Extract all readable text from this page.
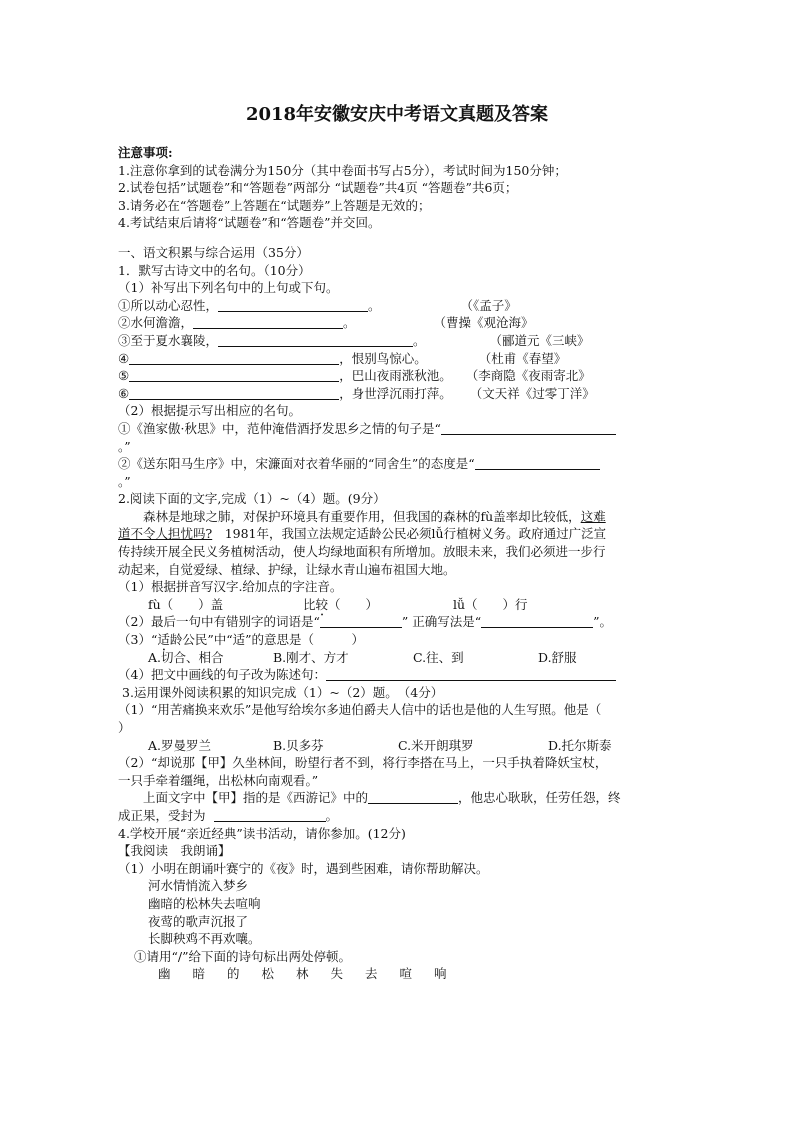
2018年安徽安庆中考语文真题及答案
注意事项:
1.注意你拿到的试卷满分为150分（其中卷面书写占5分），考试时间为150分钟；
2.试卷包括”试题卷”和“答题卷”两部分 “试题卷”共4页 “答题卷”共6页；
3.请务必在“答题卷”上答题在“试题券”上答题是无效的；
4.考试结束后请将“试题卷”和“答题卷”并交回。
一、语文积累与综合运用（35分）
1．默写古诗文中的名句。（10分）
（1）补写出下列名句中的上句或下句。
①所以动心忍性，	。	（《孟子》
②水何澹澹，	。	（曹操《观沧海》
③至于夏水襄陵，	。	（郦道元《三峡》
④	，恨别鸟惊心。	（杜甫《春望》
⑤	，巴山夜雨涨秋池。 （李商隐《夜雨寄北》
⑥	，身世浮沉雨打萍。 （文天祥《过零丁洋》
（2）根据提示写出相应的名句。
①《渔家傲·秋思》中，范仲淹借酒抒发思乡之情的句子是“
。”
②《送东阳马生序》中，宋濂面对衣着华丽的“同舍生”的态度是“
。”
2.阅读下面的文字,完成（1）~（4）题。(9分）
森林是地球之肺，对保护环境具有重要作用，但我国的森林的fù盖率却比较低，这难
道不令人担忧吗?　1981年，我国立法规定适龄公民必须lǚ行植树义务。政府通过广泛宣
传持续开展全民义务植树活动，使人均绿地面积有所增加。放眼未来，我们必须进一步行
动起来，自觉爱绿、植绿、护绿，让绿水青山遍布祖国大地。
（1）根据拼音写汉字.给加点的字注音。
fù（　　）盖	比较（　　）	lǚ（　　）行
（2）最后一句中有错别字的词语是“	” 正确写法是“	”。
（3）“适龄公民”中“适”的意思是（　　　）
A.切合、相合	B.刚才、方才	C.往、到	D.舒服
（4）把文中画线的句子改为陈述句：
3.运用课外阅读积累的知识完成（1）~（2）题。　（4分）
（1）“用苦痛换来欢乐”是他写给埃尔多迪伯爵夫人信中的话也是他的人生写照。他是（
）
A.罗曼罗兰	B.贝多芬	C.米开朗琪罗	D.托尔斯泰
（2）“却说那【甲】久坐林间，盼望行者不到，将行李搭在马上，一只手执着降妖宝杖，
一只手牵着缰绳，出松林向南观看。”
上面文字中【甲】指的是《西游记》中的	，他忠心耿耿，任劳任怨，终
成正果，受封为	。
4.学校开展“亲近经典”读书活动，请你参加。(12分)
【我阅读　我朗诵】
（1）小明在朗诵叶赛宁的《夜》时，遇到些困难，请你帮助解决。
河水情悄流入梦乡
幽暗的松林失去喧响
夜莺的歌声沉报了
长脚秧鸡不再欢嚷。
①请用“/”给下面的诗句标出两处停顿。
幽暗的松林失去喧响
